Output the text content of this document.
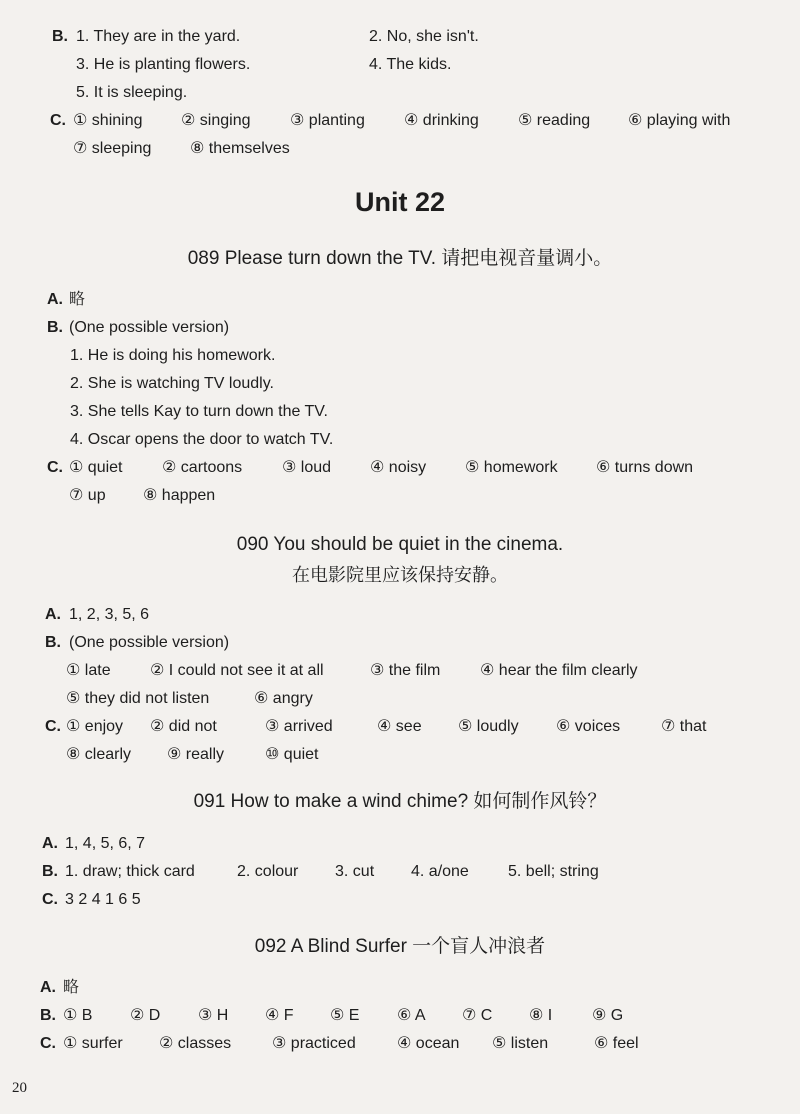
B. 1. They are in the yard.	2. No, she isn't.
3. He is planting flowers.	4. The kids.
5. It is sleeping.
C. ① shining ② singing ③ planting ④ drinking ⑤ reading ⑥ playing with
⑦ sleeping ⑧ themselves
Unit 22
089 Please turn down the TV. 请把电视音量调小。
A. 略
B. (One possible version)
1. He is doing his homework.
2. She is watching TV loudly.
3. She tells Kay to turn down the TV.
4. Oscar opens the door to watch TV.
C. ① quiet ② cartoons ③ loud ④ noisy ⑤ homework ⑥ turns down
⑦ up ⑧ happen
090 You should be quiet in the cinema.
在电影院里应该保持安静。
A. 1, 2, 3, 5, 6
B. (One possible version)
① late ② I could not see it at all	③ the film ④ hear the film clearly
⑤ they did not listen	⑥ angry
C. ① enjoy ② did not	③ arrived	④ see ⑤ loudly ⑥ voices	⑦ that
⑧ clearly ⑨ really	⑩ quiet
091 How to make a wind chime? 如何制作风铃？
A. 1, 4, 5, 6, 7
B. 1. draw; thick card	2. colour 3. cut 4. a/one 5. bell; string
C. 3 2 4 1 6 5
092 A Blind Surfer 一个盲人冲浪者
A. 略
B. ① B ② D ③ H ④ F ⑤ E ⑥ A ⑦ C ⑧ I ⑨ G
C. ① surfer ② classes	③ practiced	④ ocean ⑤ listen	⑥ feel
20
